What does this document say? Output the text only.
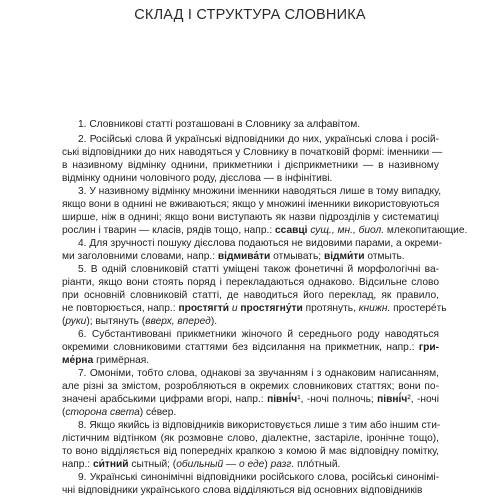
СКЛАД І СТРУКТУРА СЛОВНИКА
1. Словникові статті розташовані в Словнику за алфавітом.
2. Російські слова й українські відповідники до них, українські слова і росій-
ські відповідники до них наводяться у Словнику в початковій формі: іменники —
в називному відмінку однини, прикметники і дієприкметники — в називному
відмінку однини чоловічого роду, дієслова — в інфінітиві.
3. У називному відмінку множини іменники наводяться лише в тому випадку,
якщо вони в однині не вживаються; якщо у множині іменники використовуються
ширше, ніж в однині; якщо вони виступають як назви підрозділів у систематиці
рослин і тварин — класів, рядів тощо, напр.: ссавці сущ., мн., биол. млекопитающие.
4. Для зручності пошуку дієслова подаються не видовими парами, а окреми-
ми заголовними словами, напр.: відмива́ти отмывать; відми́ти отмыть.
5. В одній словниковій статті уміщені також фонетичні й морфологічні ва-
ріанти, якщо вони стоять поряд і перекладаються однаково. Відсильне слово
при основній словниковій статті, де наводиться його переклад, як правило,
не повторюється, напр.: простягти́ и простягну́ти протянуть, книжн. простерéть
(руки); вытянуть (вверх, вперед).
6. Субстантивовані прикметники жіночого й середнього роду наводяться
окремими словниковими статтями без відсилання на прикметник, напр.: гри-
ме́рна гримёрная.
7. Омоніми, тобто слова, однакові за звучанням і з однаковим написанням,
але різні за змістом, розробляються в окремих словникових статтях; вони по-
значені арабськими цифрами вгорі, напр.: півні́ч¹, -ночі полночь; півні́ч², -ночі
(сторона света) сéвер.
8. Якщо якийсь із відповідників використовується лише з тим або іншим сти-
лістичним відтінком (як розмовне слово, діалектне, застаріле, іронічне тощо),
то воно відділяється від попередніх крапкою з комою й має відповідну помітку,
напр.: си́тний сытный; (обильный — о еде) разг. плóтный.
9. Українські синонімічні відповідники російського слова, російські синонімі-
чні відповідники українського слова відділяються від основних відповідників
